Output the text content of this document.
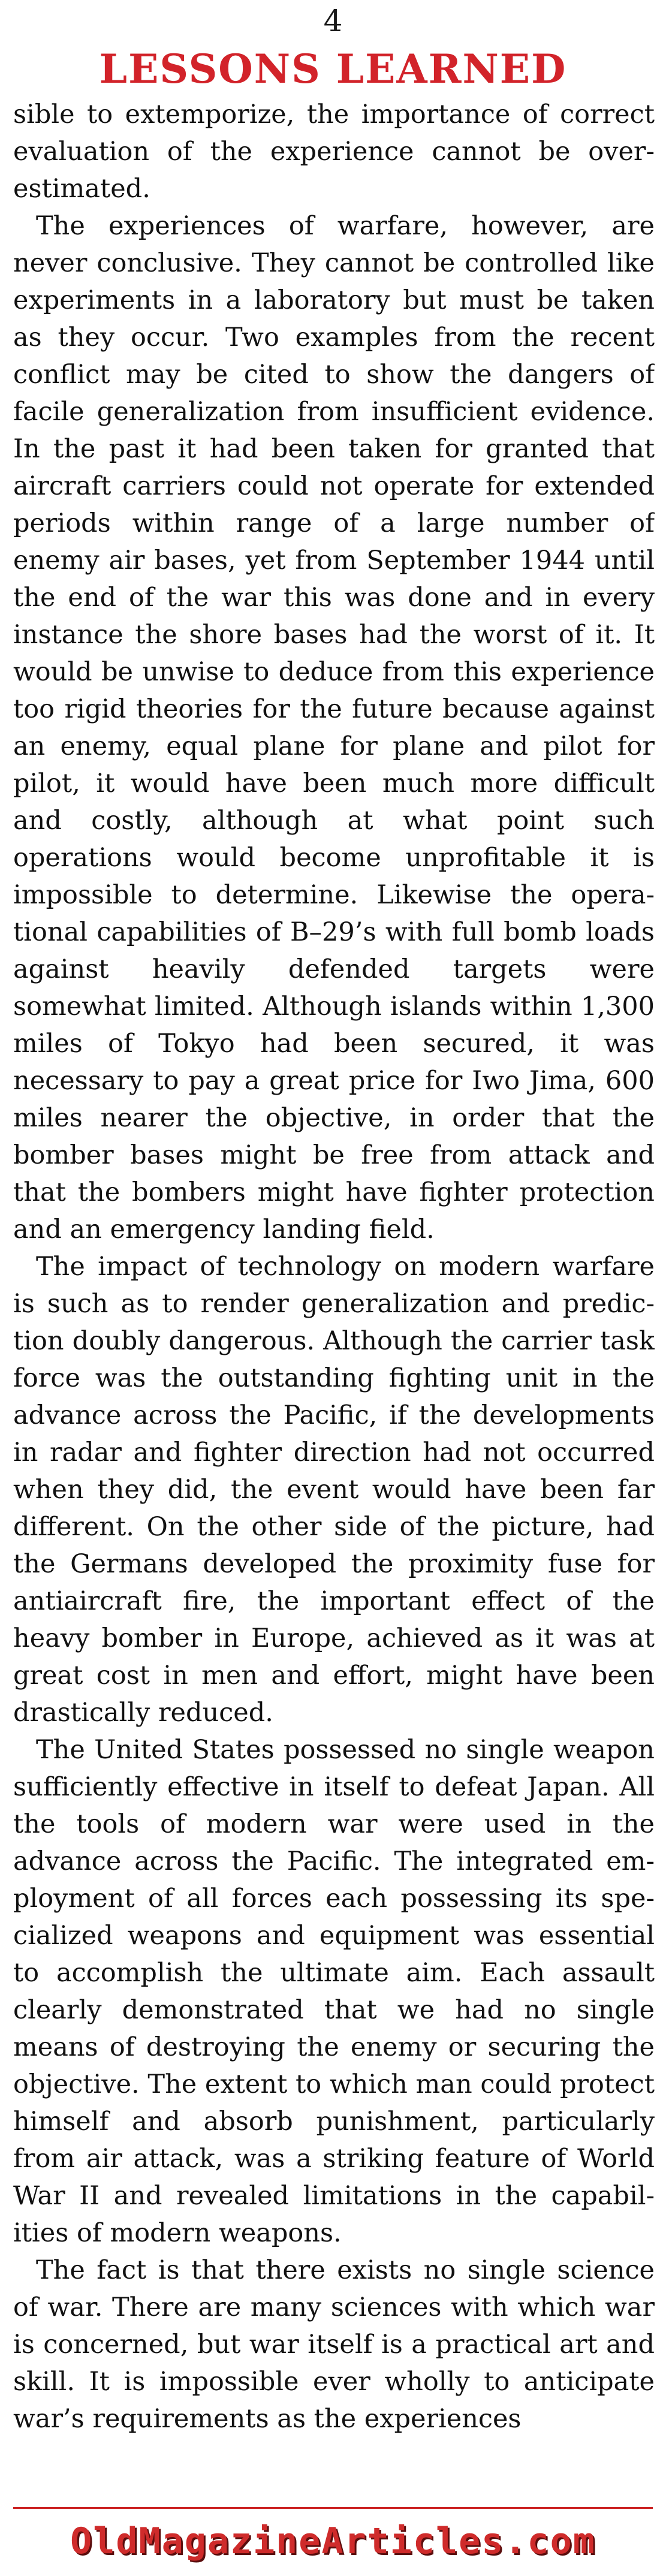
4
LESSONS LEARNED

sible to extemporize, the importance of correct evaluation of the experience cannot be over-estimated.

The experiences of warfare, however, are never conclusive. They cannot be controlled like experiments in a laboratory but must be taken as they occur. Two examples from the recent conflict may be cited to show the dangers of facile generalization from insufficient evidence. In the past it had been taken for granted that aircraft carriers could not operate for extended periods within range of a large number of enemy air bases, yet from September 1944 until the end of the war this was done and in every instance the shore bases had the worst of it. It would be unwise to deduce from this experience too rigid theories for the future because against an enemy, equal plane for plane and pilot for pilot, it would have been much more difficult and costly, although at what point such operations would become unprofitable it is impossible to determine. Likewise the operational capabilities of B–29’s with full bomb loads against heavily defended targets were somewhat limited. Although islands within 1,300 miles of Tokyo had been secured, it was necessary to pay a great price for Iwo Jima, 600 miles nearer the objective, in order that the bomber bases might be free from attack and that the bombers might have fighter protection and an emergency landing field.

The impact of technology on modern warfare is such as to render generalization and prediction doubly dangerous. Although the carrier task force was the outstanding fighting unit in the advance across the Pacific, if the developments in radar and fighter direction had not occurred when they did, the event would have been far different. On the other side of the picture, had the Germans developed the proximity fuse for antiaircraft fire, the important effect of the heavy bomber in Europe, achieved as it was at great cost in men and effort, might have been drastically reduced.

The United States possessed no single weapon sufficiently effective in itself to defeat Japan. All the tools of modern war were used in the advance across the Pacific. The integrated employment of all forces each possessing its specialized weapons and equipment was essential to accomplish the ultimate aim. Each assault clearly demonstrated that we had no single means of destroying the enemy or securing the objective. The extent to which man could protect himself and absorb punishment, particularly from air attack, was a striking feature of World War II and revealed limitations in the capabilities of modern weapons.

The fact is that there exists no single science of war. There are many sciences with which war is concerned, but war itself is a practical art and skill. It is impossible ever wholly to anticipate war’s requirements as the experiences

OldMagazineArticles.com
